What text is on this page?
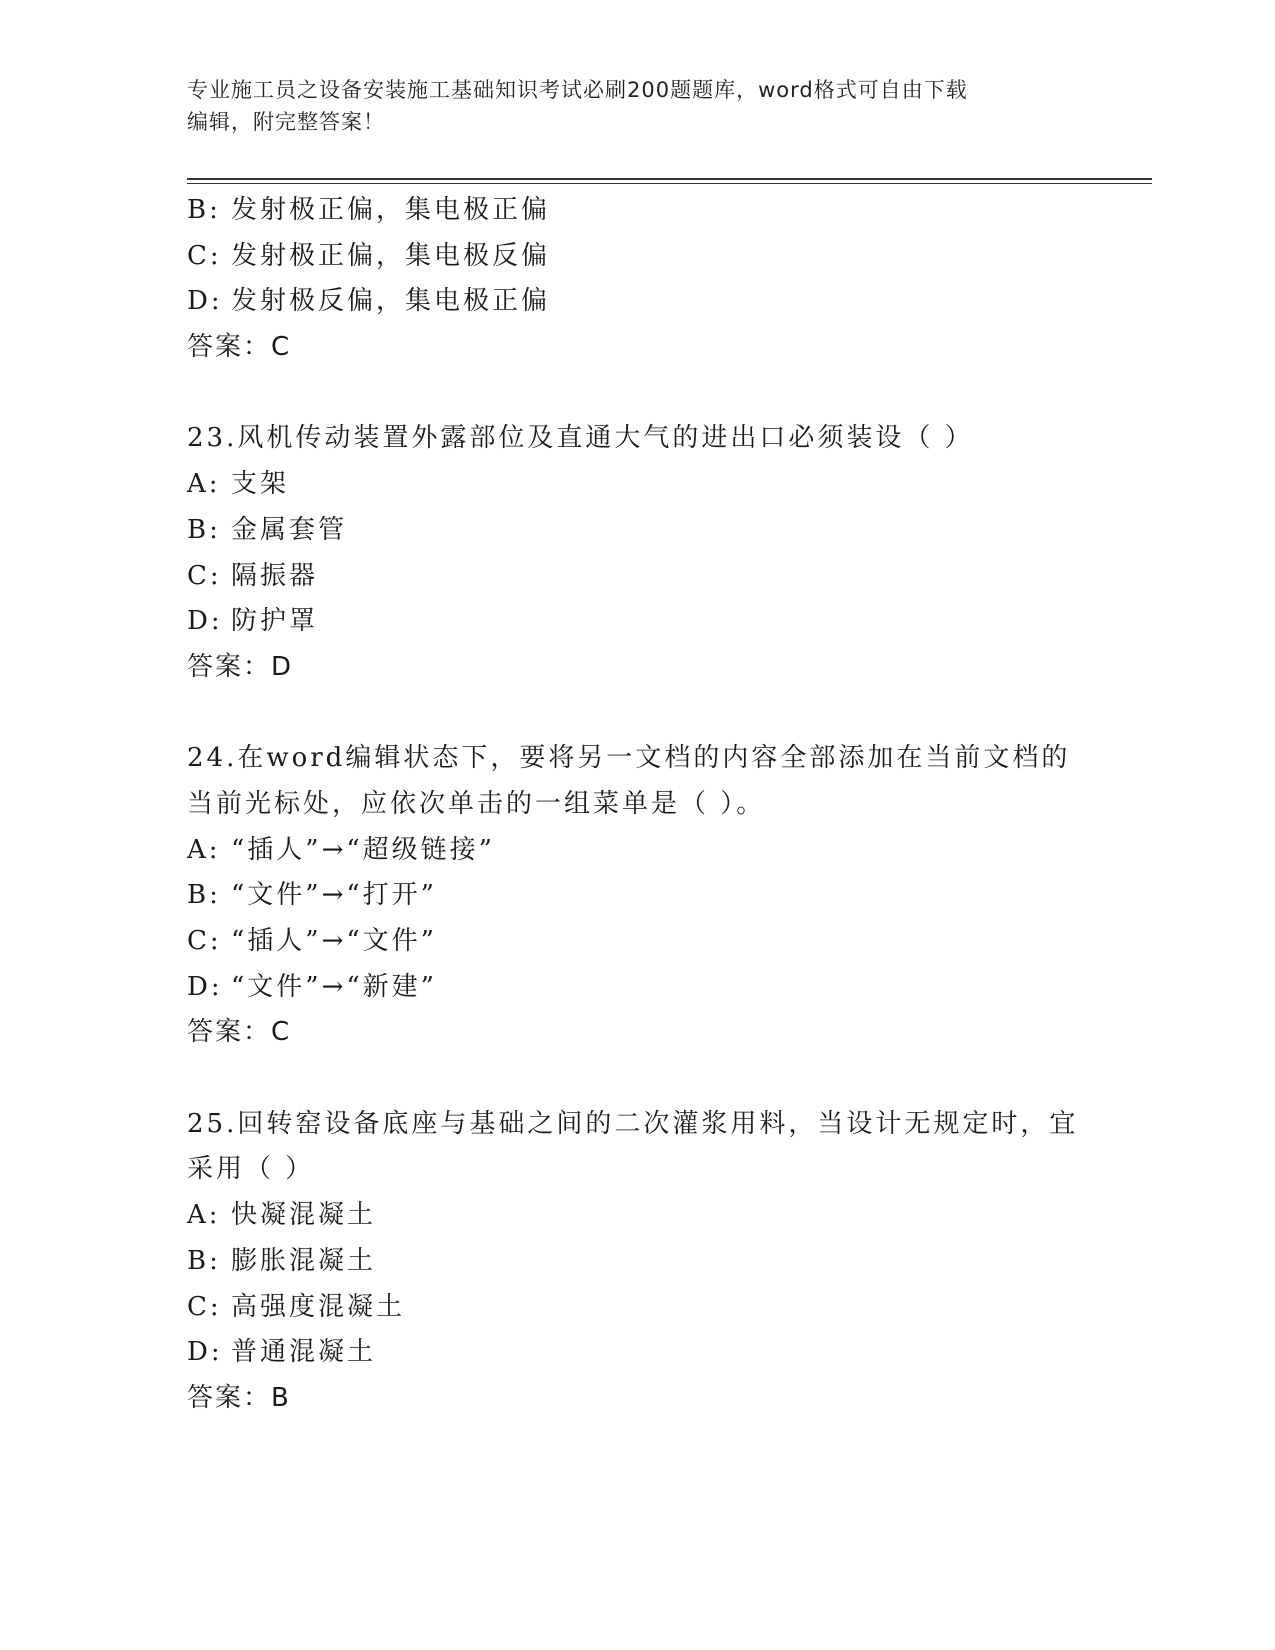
专业施工员之设备安装施工基础知识考试必刷200题题库，word格式可自由下载
编辑，附完整答案！
B: 发射极正偏，集电极正偏
C: 发射极正偏，集电极反偏
D: 发射极反偏，集电极正偏
答案：C
23.风机传动装置外露部位及直通大气的进出口必须装设（ ）
A: 支架
B: 金属套管
C: 隔振器
D: 防护罩
答案：D
24.在word编辑状态下，要将另一文档的内容全部添加在当前文档的
当前光标处，应依次单击的一组菜单是（ ）。
A: “插人”→“超级链接”
B: “文件”→“打开”
C: “插人”→“文件”
D: “文件”→“新建”
答案：C
25.回转窑设备底座与基础之间的二次灌浆用料，当设计无规定时，宜
采用（ ）
A: 快凝混凝土
B: 膨胀混凝土
C: 高强度混凝土
D: 普通混凝土
答案：B
